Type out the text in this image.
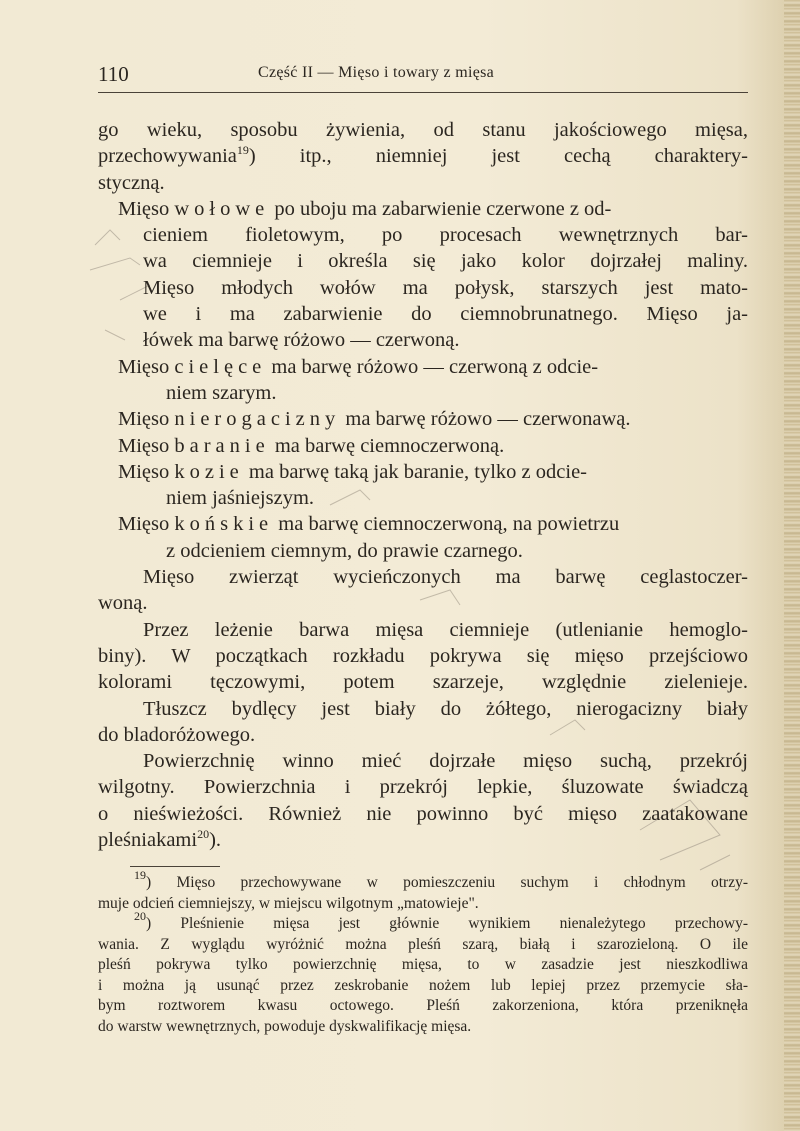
110	Część II — Mięso i towary z mięsa
go wieku, sposobu żywienia, od stanu jakościowego mięsa,
przechowywania$^{19}$) itp., niemniej jest cechą charaktery-
styczną.
Mięso wołowe po uboju ma zabarwienie czerwone z od-
cieniem fioletowym, po procesach wewnętrznych bar-
wa ciemnieje i określa się jako kolor dojrzałej maliny.
Mięso młodych wołów ma połysk, starszych jest mato-
we i ma zabarwienie do ciemnobrunatnego. Mięso ja-
łówek ma barwę różowo — czerwoną.
Mięso cielęce ma barwę różowo — czerwoną z odcie-
niem szarym.
Mięso nierogacizny ma barwę różowo — czerwonawą.
Mięso baranie ma barwę ciemnoczerwoną.
Mięso kozie ma barwę taką jak baranie, tylko z odcie-
niem jaśniejszym.
Mięso końskie ma barwę ciemnoczerwoną, na powietrzu
z odcieniem ciemnym, do prawie czarnego.
Mięso zwierząt wycieńczonych ma barwę ceglastoczer-
woną.
Przez leżenie barwa mięsa ciemnieje (utlenianie hemoglo-
biny). W początkach rozkładu pokrywa się mięso przejściowo
kolorami tęczowymi, potem szarzeje, względnie zielenieje.
Tłuszcz bydlęcy jest biały do żółtego, nierogacizny biały
do bladoróżowego.
Powierzchnię winno mieć dojrzałe mięso suchą, przekrój
wilgotny. Powierzchnia i przekrój lepkie, śluzowate świadczą
o nieświeżości. Również nie powinno być mięso zaatakowane
pleśniakami$^{20}$).
$^{19}$) Mięso przechowywane w pomieszczeniu suchym i chłodnym otrzy-
muje odcień ciemniejszy, w miejscu wilgotnym „matowieje".
$^{20}$) Pleśnienie mięsa jest głównie wynikiem nienależytego przechowy-
wania. Z wyglądu wyróżnić można pleśń szarą, białą i szarozieloną. O ile
pleśń pokrywa tylko powierzchnię mięsa, to w zasadzie jest nieszkodliwa
i można ją usunąć przez zeskrobanie nożem lub lepiej przez przemycie sła-
bym roztworem kwasu octowego. Pleśń zakorzeniona, która przeniknęła
do warstw wewnętrznych, powoduje dyskwalifikację mięsa.
